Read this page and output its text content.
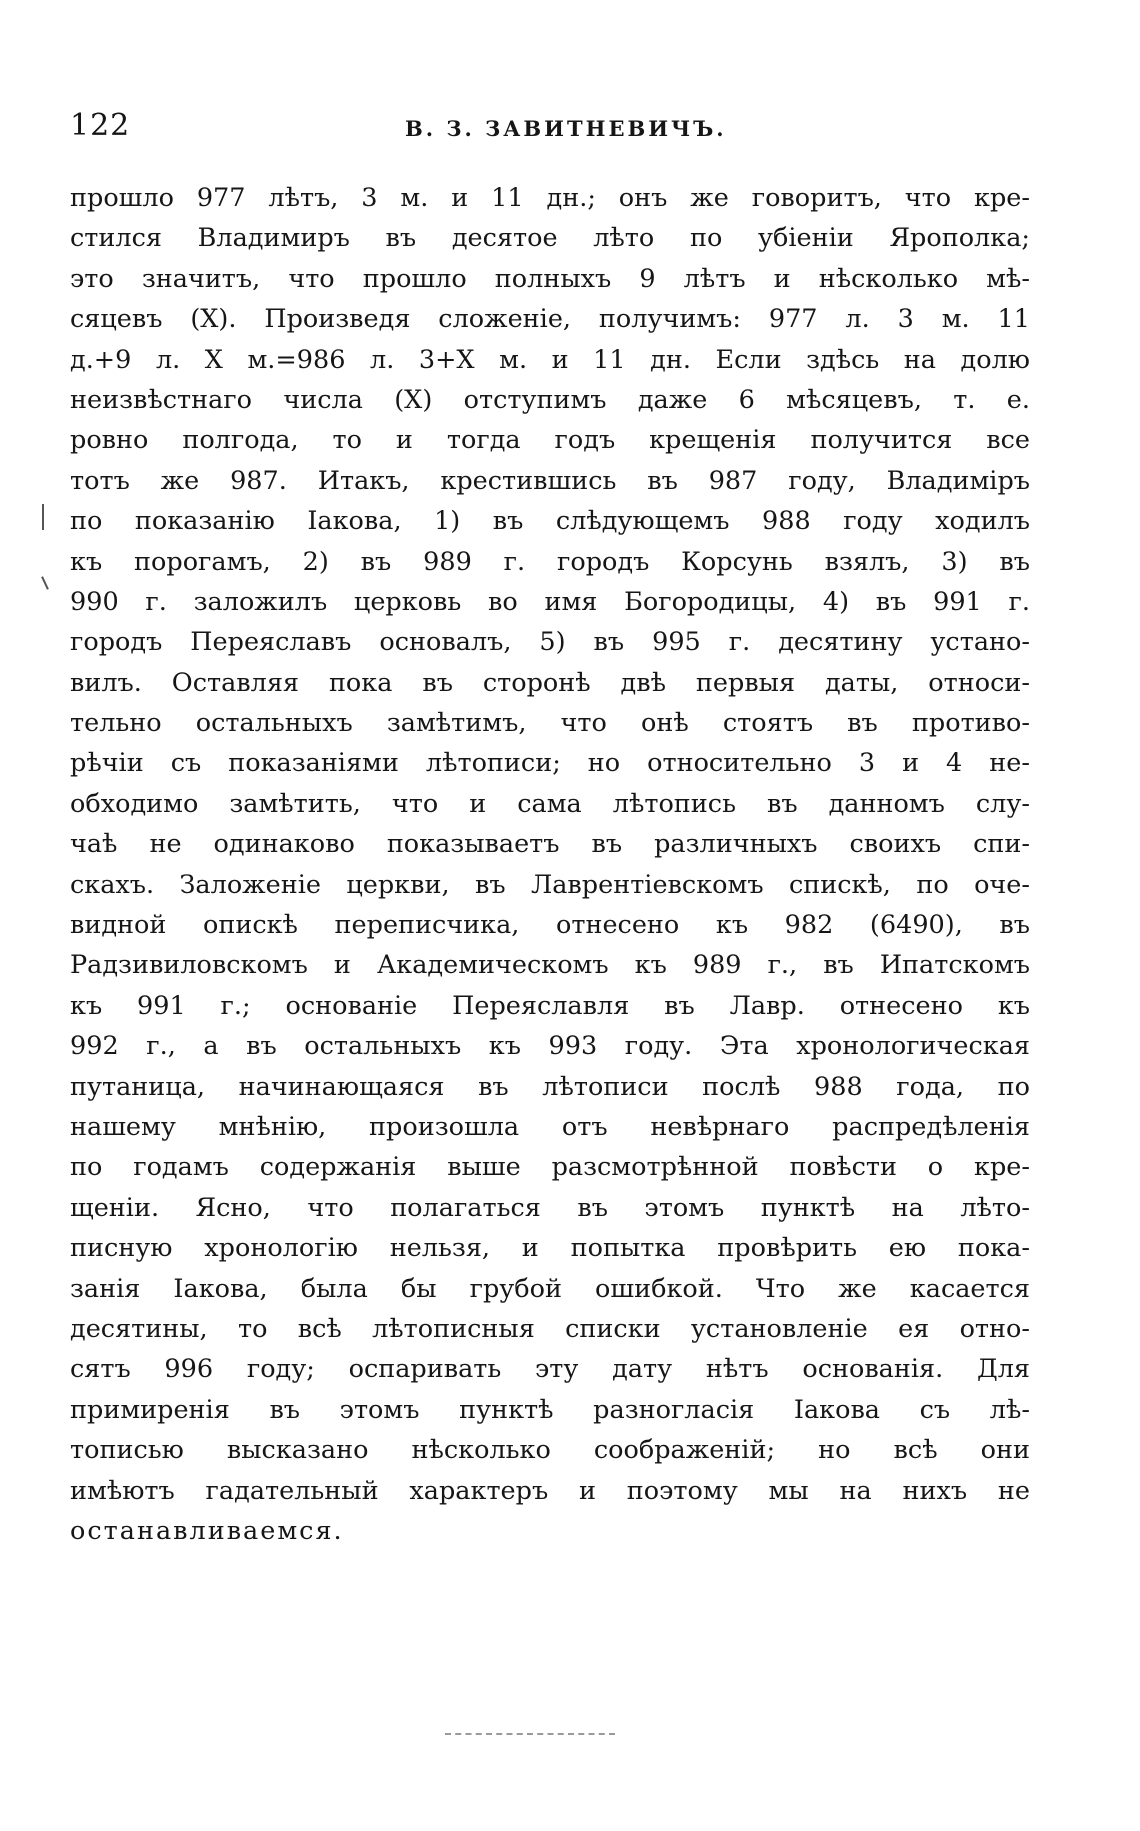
122	В. З. ЗАВИТНЕВИЧЪ.
прошло 977 лѣтъ, 3 м. и 11 дн.; онъ же говоритъ, что кре-
стился Владимиръ въ десятое лѣто по убіеніи Ярополка;
это значитъ, что прошло полныхъ 9 лѣтъ и нѣсколько мѣ-
сяцевъ (Х). Произведя сложеніе, получимъ: 977 л. 3 м. 11
д.+9 л. Х м.=986 л. 3+Х м. и 11 дн. Если здѣсь на долю
неизвѣстнаго числа (Х) отступимъ даже 6 мѣсяцевъ, т. е.
ровно полгода, то и тогда годъ крещенія получится все
тотъ же 987. Итакъ, крестившись въ 987 году, Владиміръ
по показанію Іакова, 1) въ слѣдующемъ 988 году ходилъ
къ порогамъ, 2) въ 989 г. городъ Корсунь взялъ, 3) въ
990 г. заложилъ церковь во имя Богородицы, 4) въ 991 г.
городъ Переяславъ основалъ, 5) въ 995 г. десятину устано-
вилъ. Оставляя пока въ сторонѣ двѣ первыя даты, относи-
тельно остальныхъ замѣтимъ, что онѣ стоятъ въ противо-
рѣчіи съ показаніями лѣтописи; но относительно 3 и 4 не-
обходимо замѣтить, что и сама лѣтопись въ данномъ слу-
чаѣ не одинаково показываетъ въ различныхъ своихъ спи-
скахъ. Заложеніе церкви, въ Лаврентіевскомъ спискѣ, по оче-
видной опискѣ переписчика, отнесено къ 982 (6490), въ
Радзивиловскомъ и Академическомъ къ 989 г., въ Ипатскомъ
къ 991 г.; основаніе Переяславля въ Лавр. отнесено къ
992 г., а въ остальныхъ къ 993 году. Эта хронологическая
путаница, начинающаяся въ лѣтописи послѣ 988 года, по
нашему мнѣнію, произошла отъ невѣрнаго распредѣленія
по годамъ содержанія выше разсмотрѣнной повѣсти о кре-
щеніи. Ясно, что полагаться въ этомъ пунктѣ на лѣто-
писную хронологію нельзя, и попытка провѣрить ею пока-
занія Іакова, была бы грубой ошибкой. Что же касается
десятины, то всѣ лѣтописныя списки установленіе ея отно-
сятъ 996 году; оспаривать эту дату нѣтъ основанія. Для
примиренія въ этомъ пунктѣ разногласія Іакова съ лѣ-
тописью высказано нѣсколько соображеній; но всѣ они
имѣютъ гадательный характеръ и поэтому мы на нихъ не
останавливаемся.
